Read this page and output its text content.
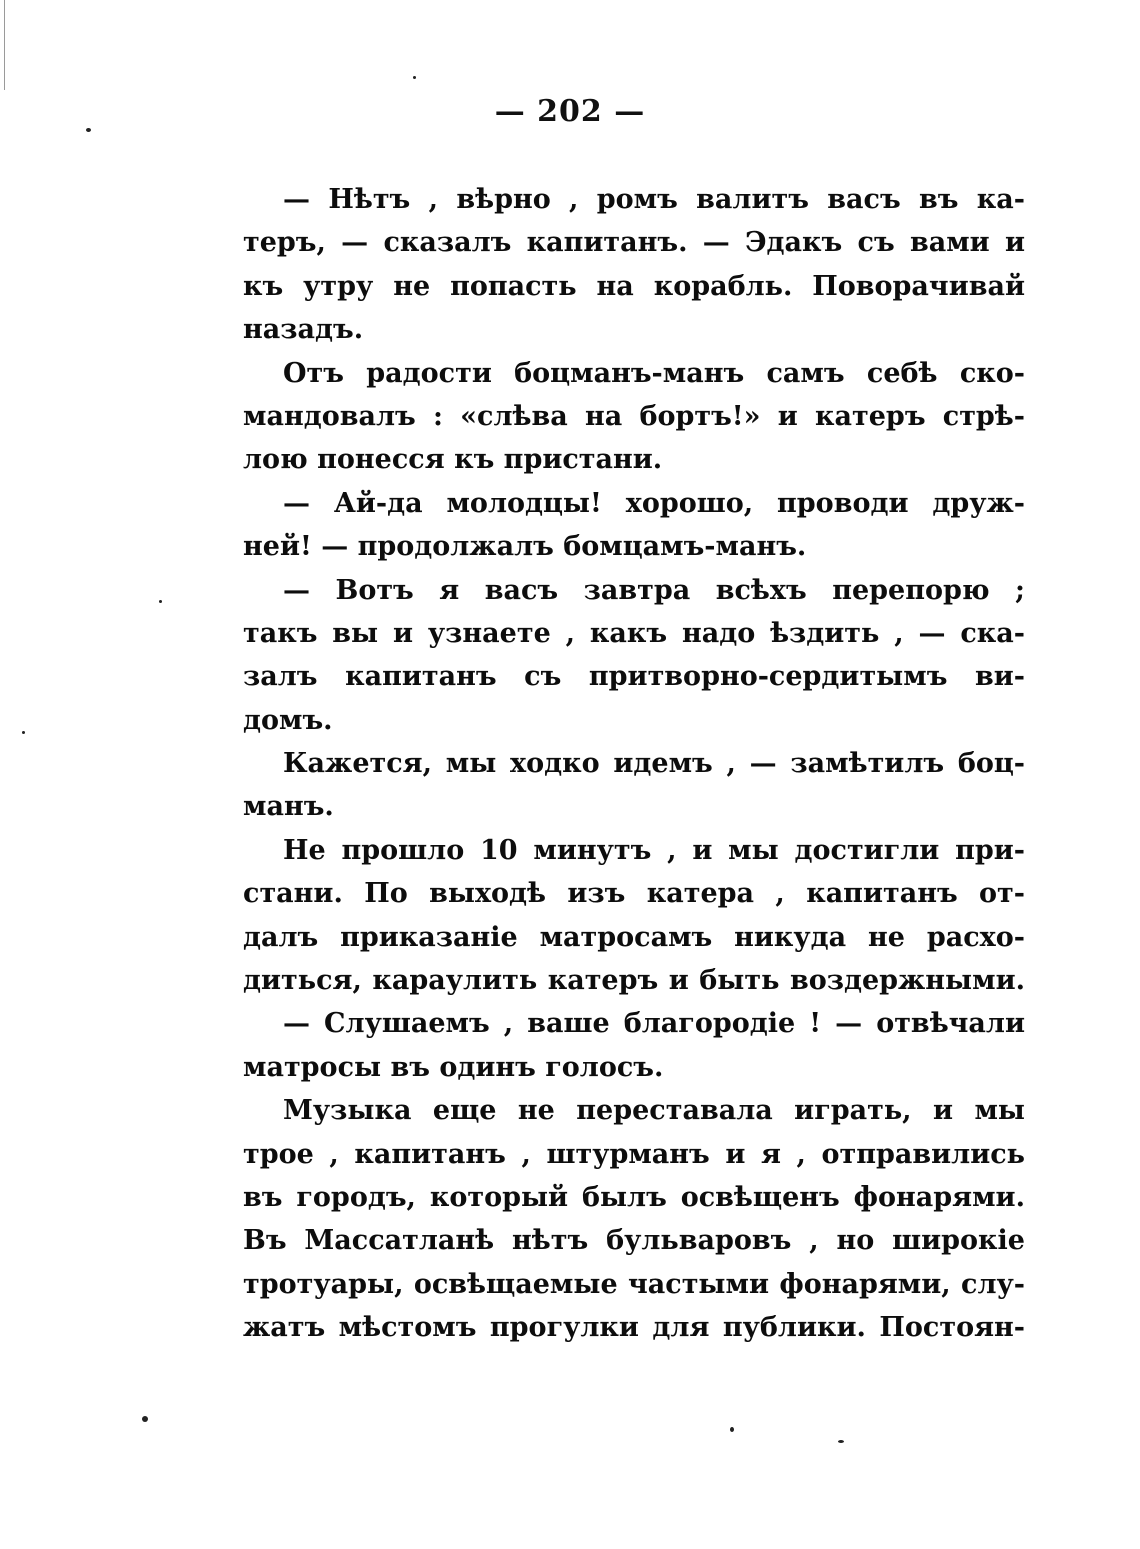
— 202 —
— Нѣтъ , вѣрно , ромъ валитъ васъ въ ка-
теръ, — сказалъ капитанъ. — Эдакъ съ вами и
къ утру не попасть на корабль. Поворачивай
назадъ.
Отъ радости боцманъ-манъ самъ себѣ ско-
мандовалъ : «слѣва на бортъ!» и катеръ стрѣ-
лою понесся къ пристани.
— Ай-да молодцы! хорошо, проводи друж-
ней! — продолжалъ бомцамъ-манъ.
— Вотъ я васъ завтра всѣхъ перепорю ;
такъ вы и узнаете , какъ надо ѣздить , — ска-
залъ капитанъ съ притворно-сердитымъ ви-
домъ.
Кажется, мы ходко идемъ , — замѣтилъ боц-
манъ.
Не прошло 10 минутъ , и мы достигли при-
стани. По выходѣ изъ катера , капитанъ от-
далъ приказаніе матросамъ никуда не расхо-
диться, караулить катеръ и быть воздержными.
— Слушаемъ , ваше благородіе ! — отвѣчали
матросы въ одинъ голосъ.
Музыка еще не переставала играть, и мы
трое , капитанъ , штурманъ и я , отправились
въ городъ, который былъ освѣщенъ фонарями.
Въ Массатланѣ нѣтъ бульваровъ , но широкіе
тротуары, освѣщаемые частыми фонарями, слу-
жатъ мѣстомъ прогулки для публики. Постоян-
